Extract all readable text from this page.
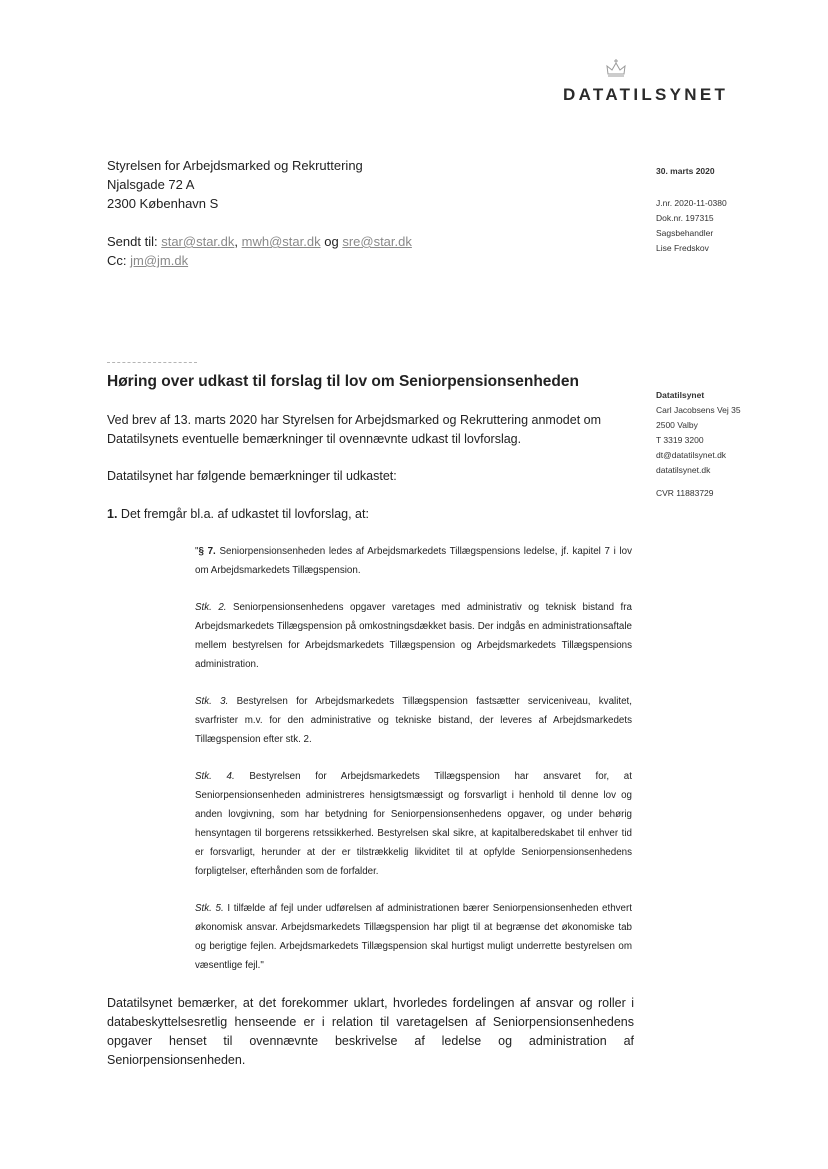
DATATILSYNET
Styrelsen for Arbejdsmarked og Rekruttering
Njalsgade 72 A
2300 København S
Sendt til: star@star.dk, mwh@star.dk og sre@star.dk
Cc: jm@jm.dk
30. marts 2020
J.nr. 2020-11-0380
Dok.nr. 197315
Sagsbehandler
Lise Fredskov
Datatilsynet
Carl Jacobsens Vej 35
2500 Valby
T 3319 3200
dt@datatilsynet.dk
datatilsynet.dk
CVR 11883729
Høring over udkast til forslag til lov om Seniorpensionsenheden
Ved brev af 13. marts 2020 har Styrelsen for Arbejdsmarked og Rekruttering anmodet om
Datatilsynets eventuelle bemærkninger til ovennævnte udkast til lovforslag.
Datatilsynet har følgende bemærkninger til udkastet:
1. Det fremgår bl.a. af udkastet til lovforslag, at:
"§ 7. Seniorpensionsenheden ledes af Arbejdsmarkedets Tillægspensions ledelse, jf. kapitel 7 i lov om Arbejdsmarkedets Tillægspension.
Stk. 2. Seniorpensionsenhedens opgaver varetages med administrativ og teknisk bistand fra Arbejdsmarkedets Tillægspension på omkostningsdækket basis. Der indgås en administrationsaftale mellem bestyrelsen for Arbejdsmarkedets Tillægspension og Arbejdsmarkedets Tillægspensions administration.
Stk. 3. Bestyrelsen for Arbejdsmarkedets Tillægspension fastsætter serviceniveau, kvalitet, svarfrister m.v. for den administrative og tekniske bistand, der leveres af Arbejdsmarkedets Tillægspension efter stk. 2.
Stk. 4. Bestyrelsen for Arbejdsmarkedets Tillægspension har ansvaret for, at Seniorpensionsenheden administreres hensigtsmæssigt og forsvarligt i henhold til denne lov og anden lovgivning, som har betydning for Seniorpensionsenhedens opgaver, og under behørig hensyntagen til borgerens retssikkerhed. Bestyrelsen skal sikre, at kapitalberedskabet til enhver tid er forsvarligt, herunder at der er tilstrækkelig likviditet til at opfylde Seniorpensionsenhedens forpligtelser, efterhånden som de forfalder.
Stk. 5. I tilfælde af fejl under udførelsen af administrationen bærer Seniorpensionsenheden ethvert økonomisk ansvar. Arbejdsmarkedets Tillægspension har pligt til at begrænse det økonomiske tab og berigtige fejlen. Arbejdsmarkedets Tillægspension skal hurtigst muligt underrette bestyrelsen om væsentlige fejl."
Datatilsynet bemærker, at det forekommer uklart, hvorledes fordelingen af ansvar og roller i databeskyttelsesretlig henseende er i relation til varetagelsen af Seniorpensionsenhedens opgaver henset til ovennævnte beskrivelse af ledelse og administration af Seniorpensionsenheden.
